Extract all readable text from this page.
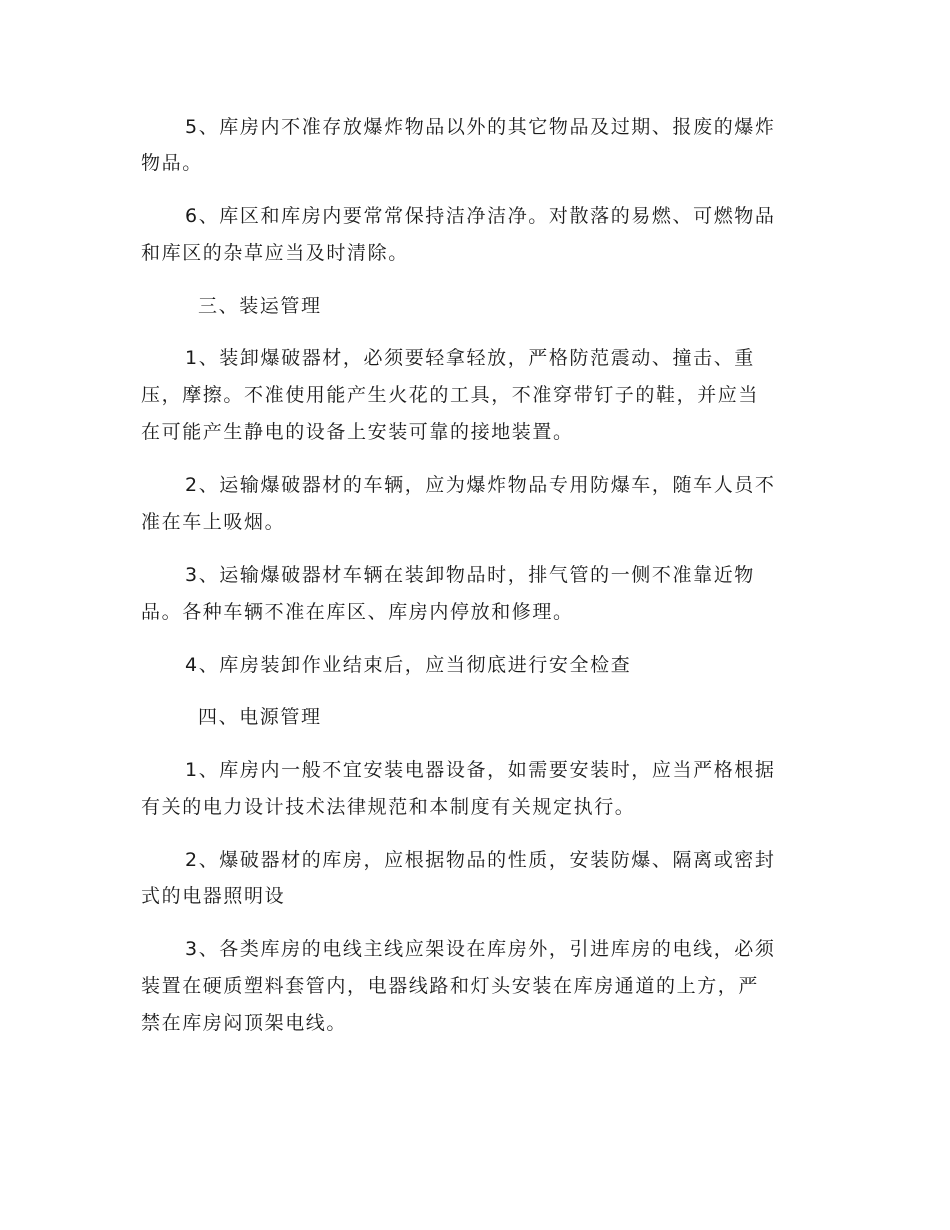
5、库房内不准存放爆炸物品以外的其它物品及过期、报废的爆炸
物品。
6、库区和库房内要常常保持洁净洁净。对散落的易燃、可燃物品
和库区的杂草应当及时清除。
三、装运管理
1、装卸爆破器材，必须要轻拿轻放，严格防范震动、撞击、重
压，摩擦。不准使用能产生火花的工具，不准穿带钉子的鞋，并应当
在可能产生静电的设备上安装可靠的接地装置。
2、运输爆破器材的车辆，应为爆炸物品专用防爆车，随车人员不
准在车上吸烟。
3、运输爆破器材车辆在装卸物品时，排气管的一侧不准靠近物
品。各种车辆不准在库区、库房内停放和修理。
4、库房装卸作业结束后，应当彻底进行安全检查
四、电源管理
1、库房内一般不宜安装电器设备，如需要安装时，应当严格根据
有关的电力设计技术法律规范和本制度有关规定执行。
2、爆破器材的库房，应根据物品的性质，安装防爆、隔离或密封
式的电器照明设
3、各类库房的电线主线应架设在库房外，引进库房的电线，必须
装置在硬质塑料套管内，电器线路和灯头安装在库房通道的上方，严
禁在库房闷顶架电线。
